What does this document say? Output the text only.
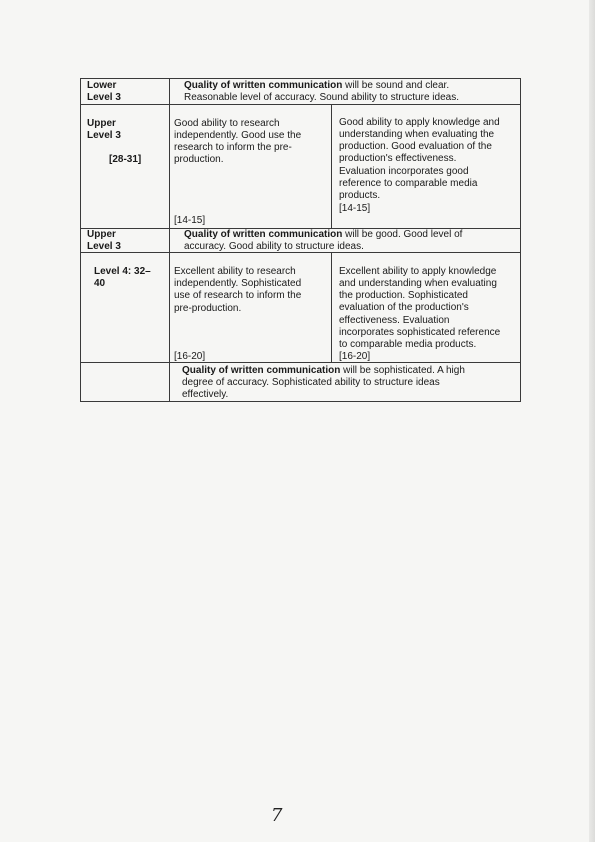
Lower
Level 3
Quality of written communication will be sound and clear.
Reasonable level of accuracy. Sound ability to structure ideas.
Upper
Level 3
[28-31]
Good ability to research
independently. Good use the
research to inform the pre-
production.
[14-15]
Good ability to apply knowledge and
understanding when evaluating the
production. Good evaluation of the
production's effectiveness.
Evaluation incorporates good
reference to comparable media
products.
[14-15]
Upper
Level 3
Quality of written communication will be good. Good level of
accuracy. Good ability to structure ideas.
Level 4: 32–
40
Excellent ability to research
independently. Sophisticated
use of research to inform the
pre-production.
[16-20]
Excellent ability to apply knowledge
and understanding when evaluating
the production. Sophisticated
evaluation of the production's
effectiveness. Evaluation
incorporates sophisticated reference
to comparable media products.
[16-20]
Quality of written communication will be sophisticated. A high
degree of accuracy. Sophisticated ability to structure ideas
effectively.
7
